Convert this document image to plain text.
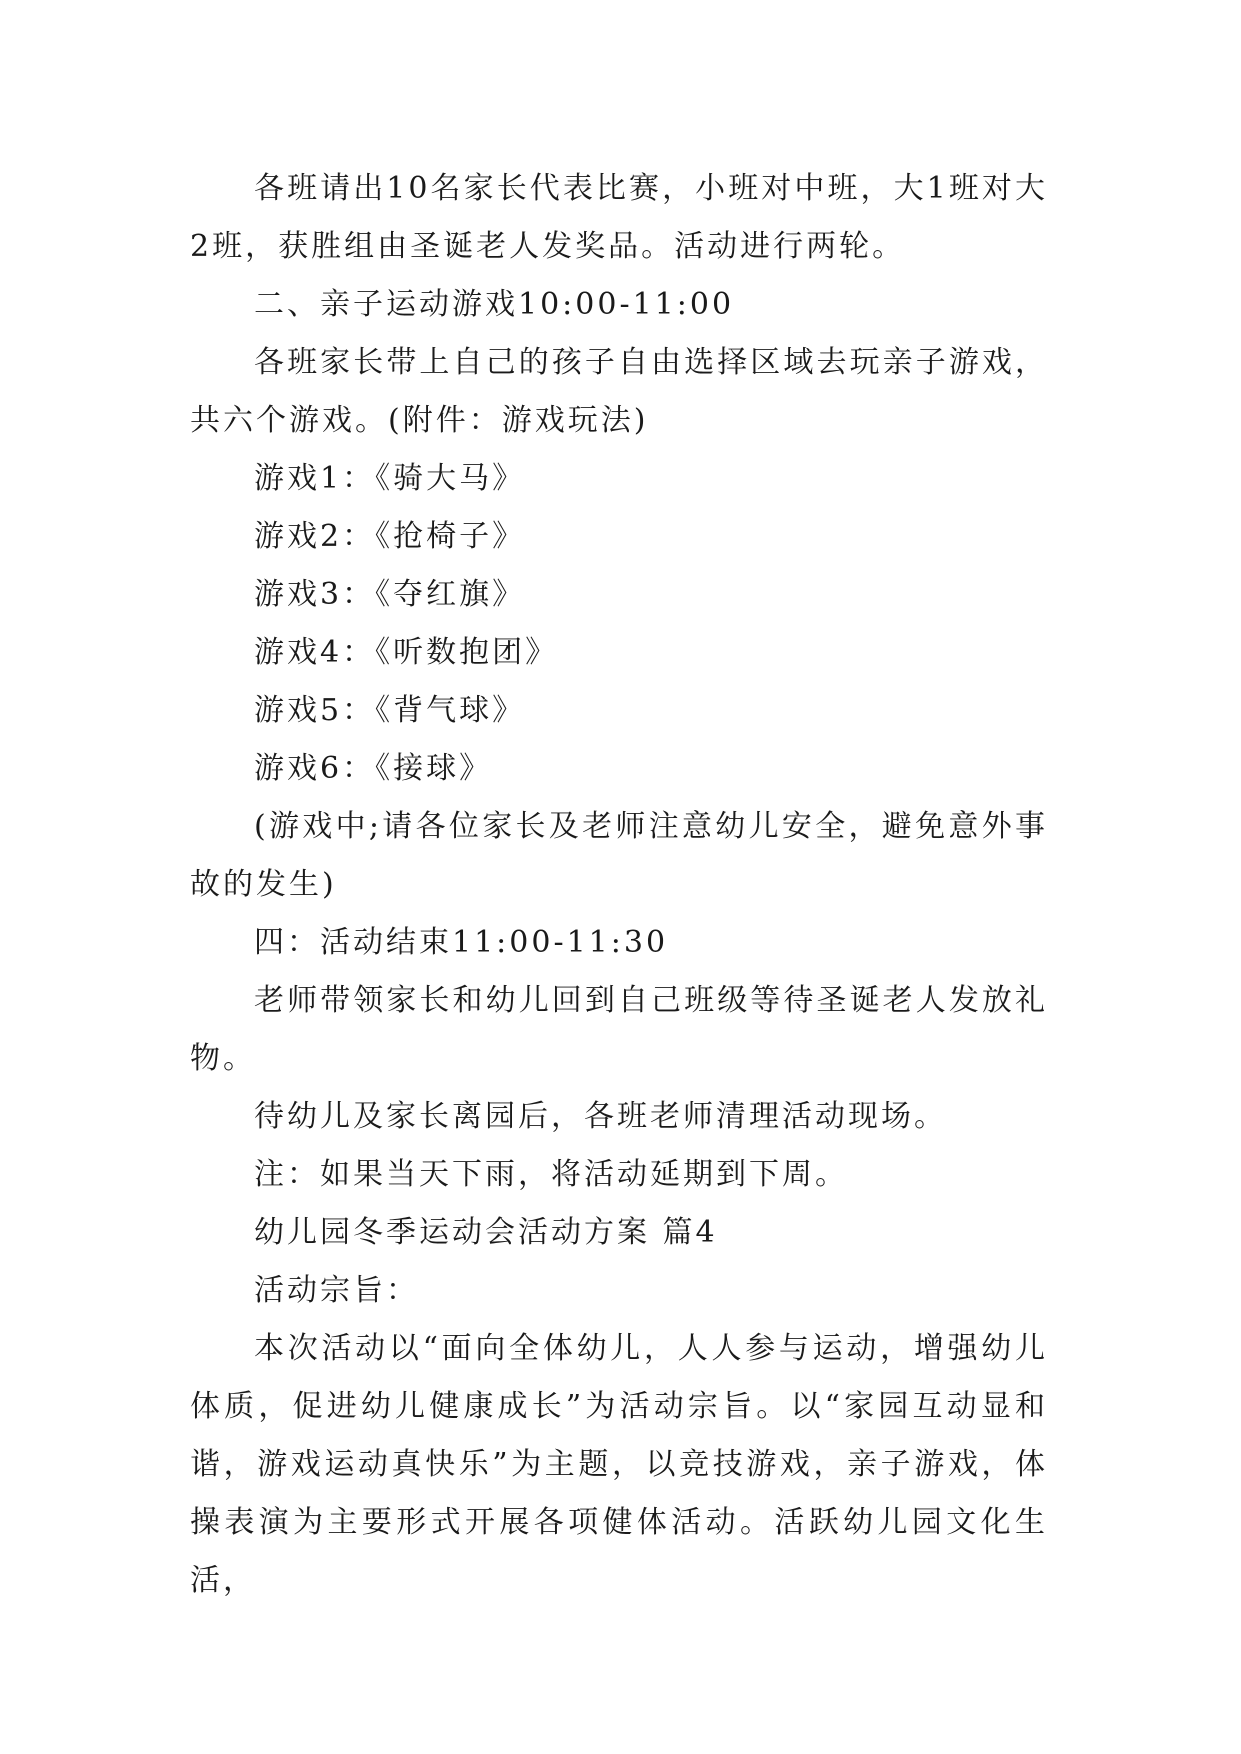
各班请出10名家长代表比赛，小班对中班，大1班对大2班，获胜组由圣诞老人发奖品。活动进行两轮。

二、亲子运动游戏10:00-11:00

各班家长带上自己的孩子自由选择区域去玩亲子游戏，共六个游戏。(附件：游戏玩法)

游戏1：《骑大马》

游戏2：《抢椅子》

游戏3：《夺红旗》

游戏4：《听数抱团》

游戏5：《背气球》

游戏6：《接球》

(游戏中;请各位家长及老师注意幼儿安全，避免意外事故的发生)

四：活动结束11:00-11:30

老师带领家长和幼儿回到自己班级等待圣诞老人发放礼物。

待幼儿及家长离园后，各班老师清理活动现场。

注：如果当天下雨，将活动延期到下周。

幼儿园冬季运动会活动方案 篇4

活动宗旨：

本次活动以“面向全体幼儿，人人参与运动，增强幼儿体质，促进幼儿健康成长”为活动宗旨。以“家园互动显和谐，游戏运动真快乐”为主题，以竞技游戏，亲子游戏，体操表演为主要形式开展各项健体活动。活跃幼儿园文化生活，
